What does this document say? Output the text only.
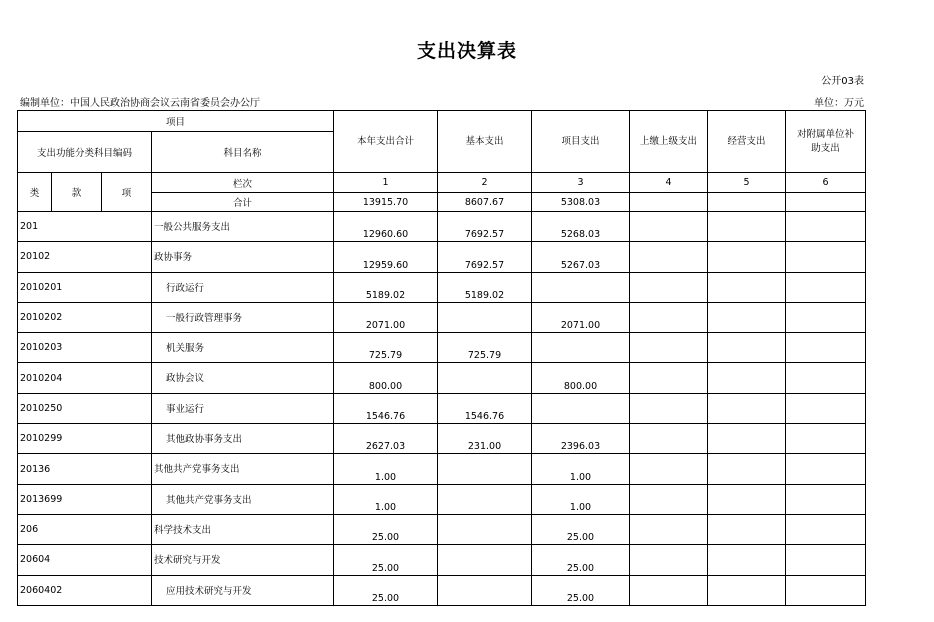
支出决算表
公开03表
编制单位：中国人民政治协商会议云南省委员会办公厅	单位：万元
项目				本年支出合计	基本支出	项目支出	上缴上级支出	经营支出	对附属单位补助支出
支出功能分类科目编码			科目名称						
类	款	项	栏次	1	2	3	4	5	6
			合计	13915.70	8607.67	5308.03			
201			一般公共服务支出	12960.60	7692.57	5268.03			
20102			政协事务	12959.60	7692.57	5267.03			
2010201			行政运行	5189.02	5189.02				
2010202			一般行政管理事务	2071.00		2071.00			
2010203			机关服务	725.79	725.79				
2010204			政协会议	800.00		800.00			
2010250			事业运行	1546.76	1546.76				
2010299			其他政协事务支出	2627.03	231.00	2396.03			
20136			其他共产党事务支出	1.00		1.00			
2013699			其他共产党事务支出	1.00		1.00			
206			科学技术支出	25.00		25.00			
20604			技术研究与开发	25.00		25.00			
2060402			应用技术研究与开发	25.00		25.00			
